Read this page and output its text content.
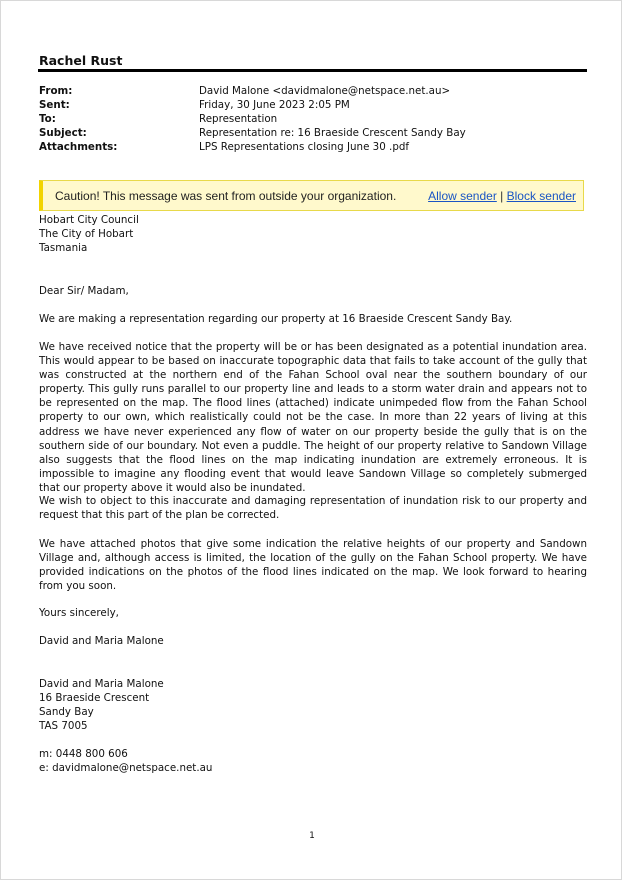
Rachel Rust
From:	David Malone <davidmalone@netspace.net.au>
Sent:	Friday, 30 June 2023 2:05 PM
To:	Representation
Subject:	Representation re: 16 Braeside Crescent Sandy Bay
Attachments:	LPS Representations closing June 30 .pdf
Caution! This message was sent from outside your organization.	Allow sender | Block sender
Hobart City Council
The City of Hobart
Tasmania
Dear Sir/ Madam,
We are making a representation regarding our property at 16 Braeside Crescent Sandy Bay.
We have received notice that the property will be or has been designated as a potential inundation area. This would appear to be based on inaccurate topographic data that fails to take account of the gully that was constructed at the northern end of the Fahan School oval near the southern boundary of our property. This gully runs parallel to our property line and leads to a storm water drain and appears not to be represented on the map. The flood lines (attached) indicate unimpeded flow from the Fahan School property to our own, which realistically could not be the case. In more than 22 years of living at this address we have never experienced any flow of water on our property beside the gully that is on the southern side of our boundary. Not even a puddle. The height of our property relative to Sandown Village also suggests that the flood lines on the map indicating inundation are extremely erroneous. It is impossible to imagine any flooding event that would leave Sandown Village so completely submerged that our property above it would also be inundated.
We wish to object to this inaccurate and damaging representation of inundation risk to our property and request that this part of the plan be corrected.
We have attached photos that give some indication the relative heights of our property and Sandown Village and, although access is limited, the location of the gully on the Fahan School property. We have provided indications on the photos of the flood lines indicated on the map. We look forward to hearing from you soon.
Yours sincerely,
David and Maria Malone
David and Maria Malone
16 Braeside Crescent
Sandy Bay
TAS 7005
m: 0448 800 606
e: davidmalone@netspace.net.au
1
